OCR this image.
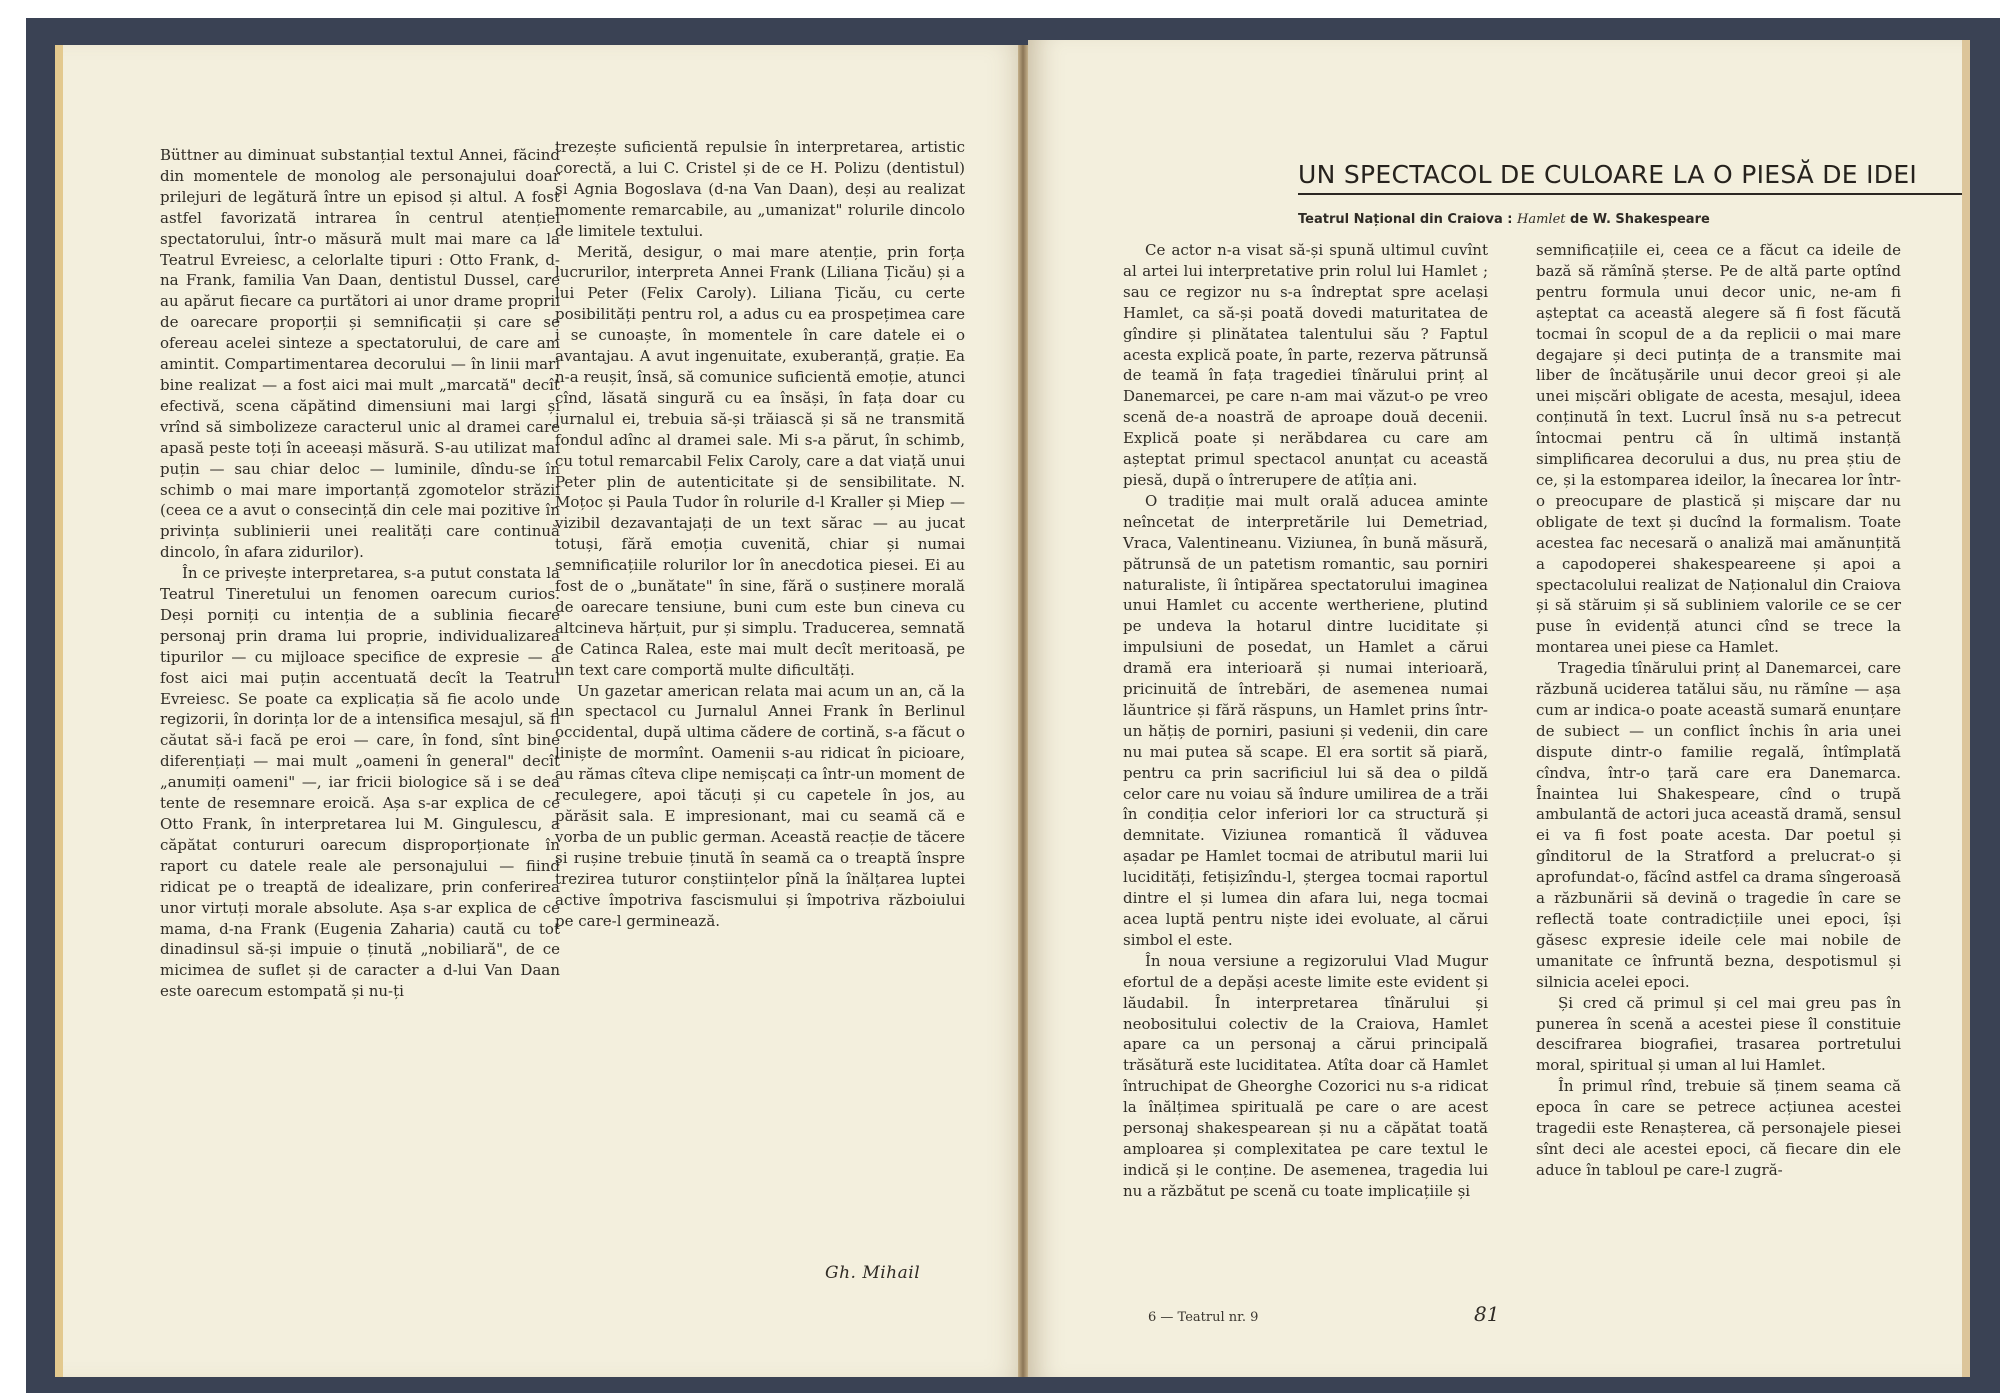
Büttner au diminuat substanțial textul Annei, făcind din momentele de monolog ale personajului doar prilejuri de legătură între un episod și altul. A fost astfel favorizată intrarea în centrul atenției spectatorului, într-o măsură mult mai mare ca la Teatrul Evreiesc, a celorlalte tipuri : Otto Frank, d-na Frank, familia Van Daan, dentistul Dussel, care au apărut fiecare ca purtători ai unor drame proprii de oarecare proporții și semnificații și care se ofereau acelei sinteze a spectatorului, de care am amintit. Compartimentarea decorului — în linii mari bine realizat — a fost aici mai mult „marcată" decît efectivă, scena căpătind dimensiuni mai largi și vrînd să simbolizeze caracterul unic al dramei care apasă peste toți în aceeași măsură. S-au utilizat mai puțin — sau chiar deloc — luminile, dîndu-se în schimb o mai mare importanță zgomotelor străzii (ceea ce a avut o consecință din cele mai pozitive în privința sublinierii unei realități care continuă dincolo, în afara zidurilor).

În ce privește interpretarea, s-a putut constata la Teatrul Tineretului un fenomen oarecum curios. Deși porniți cu intenția de a sublinia fiecare personaj prin drama lui proprie, individualizarea tipurilor — cu mijloace specifice de expresie — a fost aici mai puțin accentuată decît la Teatrul Evreiesc. Se poate ca explicația să fie acolo unde regizorii, în dorința lor de a intensifica mesajul, să fi căutat să-i facă pe eroi — care, în fond, sînt bine diferențiați — mai mult „oameni în general" decît „anumiți oameni" —, iar fricii biologice să i se dea tente de resemnare eroică. Așa s-ar explica de ce Otto Frank, în interpretarea lui M. Gingulescu, a căpătat contururi oarecum disproporționate în raport cu datele reale ale personajului — fiind ridicat pe o treaptă de idealizare, prin conferirea unor virtuți morale absolute. Așa s-ar explica de ce mama, d-na Frank (Eugenia Zaharia) caută cu tot dinadinsul să-și impuie o ținută „nobiliară", de ce micimea de suflet și de caracter a d-lui Van Daan este oarecum estompată și nu-ți

trezește suficientă repulsie în interpretarea, artistic corectă, a lui C. Cristel și de ce H. Polizu (dentistul) și Agnia Bogoslava (d-na Van Daan), deși au realizat momente remarcabile, au „umanizat" rolurile dincolo de limitele textului.

Merită, desigur, o mai mare atenție, prin forța lucrurilor, interpreta Annei Frank (Liliana Țicău) și a lui Peter (Felix Caroly). Liliana Țicău, cu certe posibilități pentru rol, a adus cu ea prospețimea care i se cunoaște, în momentele în care datele ei o avantajau. A avut ingenuitate, exuberanță, grație. Ea n-a reușit, însă, să comunice suficientă emoție, atunci cînd, lăsată singură cu ea însăși, în fața doar cu jurnalul ei, trebuia să-și trăiască și să ne transmită fondul adînc al dramei sale. Mi s-a părut, în schimb, cu totul remarcabil Felix Caroly, care a dat viață unui Peter plin de autenticitate și de sensibilitate. N. Moțoc și Paula Tudor în rolurile d-l Kraller și Miep — vizibil dezavantajați de un text sărac — au jucat totuși, fără emoția cuvenită, chiar și numai semnificațiile rolurilor lor în anecdotica piesei. Ei au fost de o „bunătate" în sine, fără o susținere morală de oarecare tensiune, buni cum este bun cineva cu altcineva hărțuit, pur și simplu. Traducerea, semnată de Catinca Ralea, este mai mult decît meritoasă, pe un text care comportă multe dificultăți.

Un gazetar american relata mai acum un an, că la un spectacol cu Jurnalul Annei Frank în Berlinul occidental, după ultima cădere de cortină, s-a făcut o liniște de mormînt. Oamenii s-au ridicat în picioare, au rămas cîteva clipe nemișcați ca într-un moment de reculegere, apoi tăcuți și cu capetele în jos, au părăsit sala. E impresionant, mai cu seamă că e vorba de un public german. Această reacție de tăcere și rușine trebuie ținută în seamă ca o treaptă înspre trezirea tuturor conștiințelor pînă la înălțarea luptei active împotriva fascismului și împotriva războiului pe care-l germinează.

Gh. Mihail
UN SPECTACOL DE CULOARE LA O PIESĂ DE IDEI
Teatrul Național din Craiova : Hamlet de W. Shakespeare

Ce actor n-a visat să-și spună ultimul cuvînt al artei lui interpretative prin rolul lui Hamlet ; sau ce regizor nu s-a îndreptat spre același Hamlet, ca să-și poată dovedi maturitatea de gîndire și plinătatea talentului său ? Faptul acesta explică poate, în parte, rezerva pătrunsă de teamă în fața tragediei tînărului prinț al Danemarcei, pe care n-am mai văzut-o pe vreo scenă de-a noastră de aproape două decenii. Explică poate și nerăbdarea cu care am așteptat primul spectacol anunțat cu această piesă, după o întrerupere de atîția ani.

O tradiție mai mult orală aducea aminte neîncetat de interpretările lui Demetriad, Vraca, Valentineanu. Viziunea, în bună măsură, pătrunsă de un patetism romantic, sau porniri naturaliste, îi întipărea spectatorului imaginea unui Hamlet cu accente wertheriene, plutind pe undeva la hotarul dintre luciditate și impulsiuni de posedat, un Hamlet a cărui dramă era interioară și numai interioară, pricinuită de întrebări, de asemenea numai lăuntrice și fără răspuns, un Hamlet prins într-un hățiș de porniri, pasiuni și vedenii, din care nu mai putea să scape. El era sortit să piară, pentru ca prin sacrificiul lui să dea o pildă celor care nu voiau să îndure umilirea de a trăi în condiția celor inferiori lor ca structură și demnitate. Viziunea romantică îl văduvea așadar pe Hamlet tocmai de atributul marii lui lucidități, fetișizîndu-l, ștergea tocmai raportul dintre el și lumea din afara lui, nega tocmai acea luptă pentru niște idei evoluate, al cărui simbol el este.

În noua versiune a regizorului Vlad Mugur efortul de a depăși aceste limite este evident și lăudabil. În interpretarea tînărului și neobositului colectiv de la Craiova, Hamlet apare ca un personaj a cărui principală trăsătură este luciditatea. Atîta doar că Hamlet întruchipat de Gheorghe Cozorici nu s-a ridicat la înălțimea spirituală pe care o are acest personaj shakespearean și nu a căpătat toată amploarea și complexitatea pe care textul le indică și le conține. De asemenea, tragedia lui nu a răzbătut pe scenă cu toate implicațiile și

semnificațiile ei, ceea ce a făcut ca ideile de bază să rămînă șterse. Pe de altă parte optînd pentru formula unui decor unic, ne-am fi așteptat ca această alegere să fi fost făcută tocmai în scopul de a da replicii o mai mare degajare și deci putința de a transmite mai liber de încătușările unui decor greoi și ale unei mișcări obligate de acesta, mesajul, ideea conținută în text. Lucrul însă nu s-a petrecut întocmai pentru că în ultimă instanță simplificarea decorului a dus, nu prea știu de ce, și la estomparea ideilor, la înecarea lor într-o preocupare de plastică și mișcare dar nu obligate de text și ducînd la formalism. Toate acestea fac necesară o analiză mai amănunțită a capodoperei shakespeareene și apoi a spectacolului realizat de Naționalul din Craiova și să stăruim și să subliniem valorile ce se cer puse în evidență atunci cînd se trece la montarea unei piese ca Hamlet.

Tragedia tînărului prinț al Danemarcei, care răzbună uciderea tatălui său, nu rămîne — așa cum ar indica-o poate această sumară enunțare de subiect — un conflict închis în aria unei dispute dintr-o familie regală, întîmplată cîndva, într-o țară care era Danemarca. Înaintea lui Shakespeare, cînd o trupă ambulantă de actori juca această dramă, sensul ei va fi fost poate acesta. Dar poetul și gînditorul de la Stratford a prelucrat-o și aprofundat-o, făcînd astfel ca drama sîngeroasă a răzbunării să devină o tragedie în care se reflectă toate contradicțiile unei epoci, își găsesc expresie ideile cele mai nobile de umanitate ce înfruntă bezna, despotismul și silnicia acelei epoci.

Și cred că primul și cel mai greu pas în punerea în scenă a acestei piese îl constituie descifrarea biografiei, trasarea portretului moral, spiritual și uman al lui Hamlet.

În primul rînd, trebuie să ținem seama că epoca în care se petrece acțiunea acestei tragedii este Renașterea, că personajele piesei sînt deci ale acestei epoci, că fiecare din ele aduce în tabloul pe care-l zugră-

6 — Teatrul nr. 9	81
